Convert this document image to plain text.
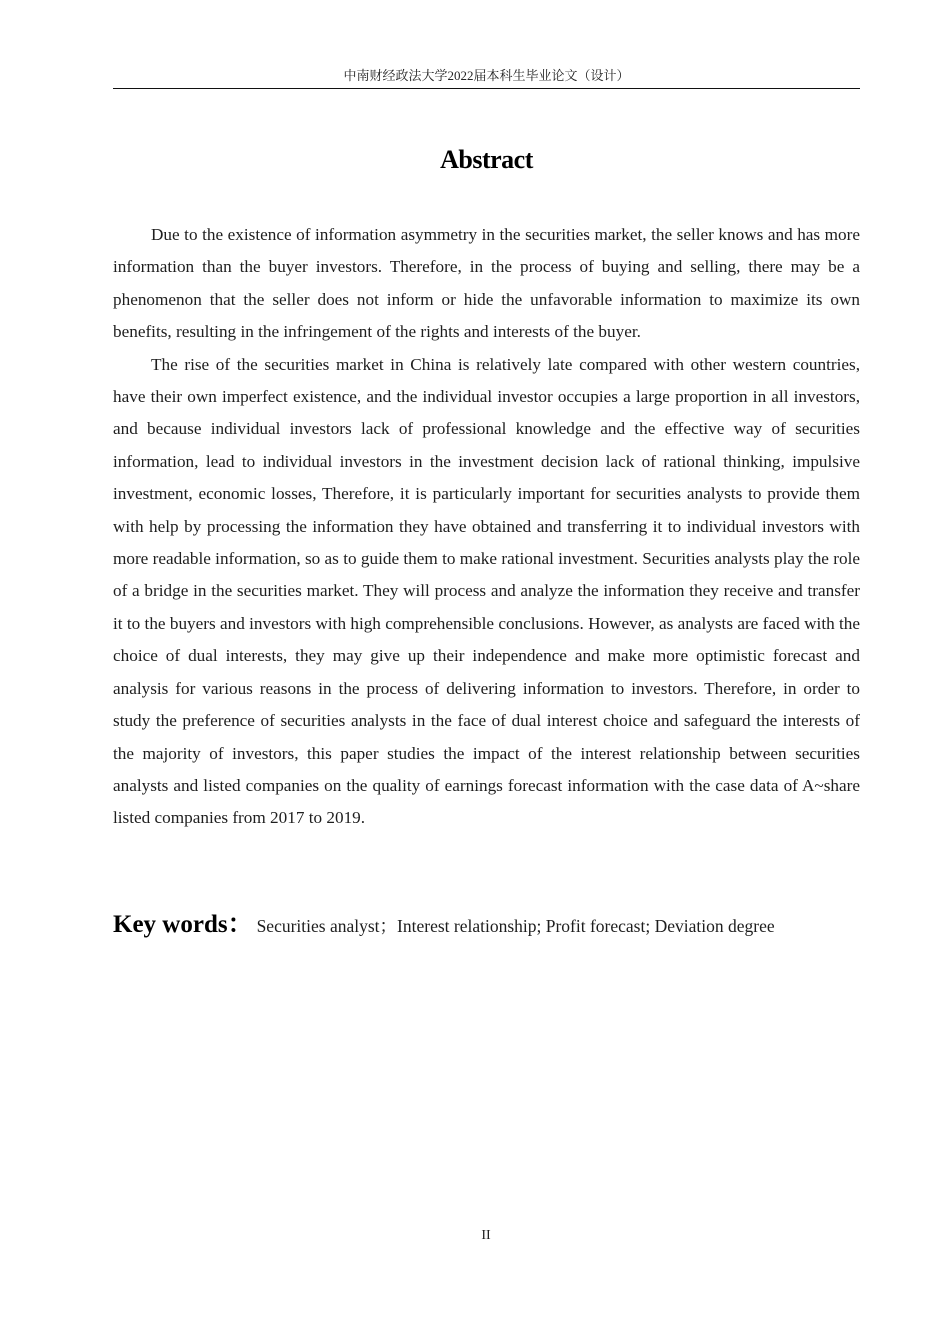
中南财经政法大学2022届本科生毕业论文（设计）
Abstract

Due to the existence of information asymmetry in the securities market, the seller knows and has more information than the buyer investors. Therefore, in the process of buying and selling, there may be a phenomenon that the seller does not inform or hide the unfavorable information to maximize its own benefits, resulting in the infringement of the rights and interests of the buyer.

The rise of the securities market in China is relatively late compared with other western countries, have their own imperfect existence, and the individual investor occupies a large proportion in all investors, and because individual investors lack of professional knowledge and the effective way of securities information, lead to individual investors in the investment decision lack of rational thinking, impulsive investment, economic losses, Therefore, it is particularly important for securities analysts to provide them with help by processing the information they have obtained and transferring it to individual investors with more readable information, so as to guide them to make rational investment. Securities analysts play the role of a bridge in the securities market. They will process and analyze the information they receive and transfer it to the buyers and investors with high comprehensible conclusions. However, as analysts are faced with the choice of dual interests, they may give up their independence and make more optimistic forecast and analysis for various reasons in the process of delivering information to investors. Therefore, in order to study the preference of securities analysts in the face of dual interest choice and safeguard the interests of the majority of investors, this paper studies the impact of the interest relationship between securities analysts and listed companies on the quality of earnings forecast information with the case data of A~share listed companies from 2017 to 2019.

Key words： Securities analyst；Interest relationship; Profit forecast; Deviation degree
II
